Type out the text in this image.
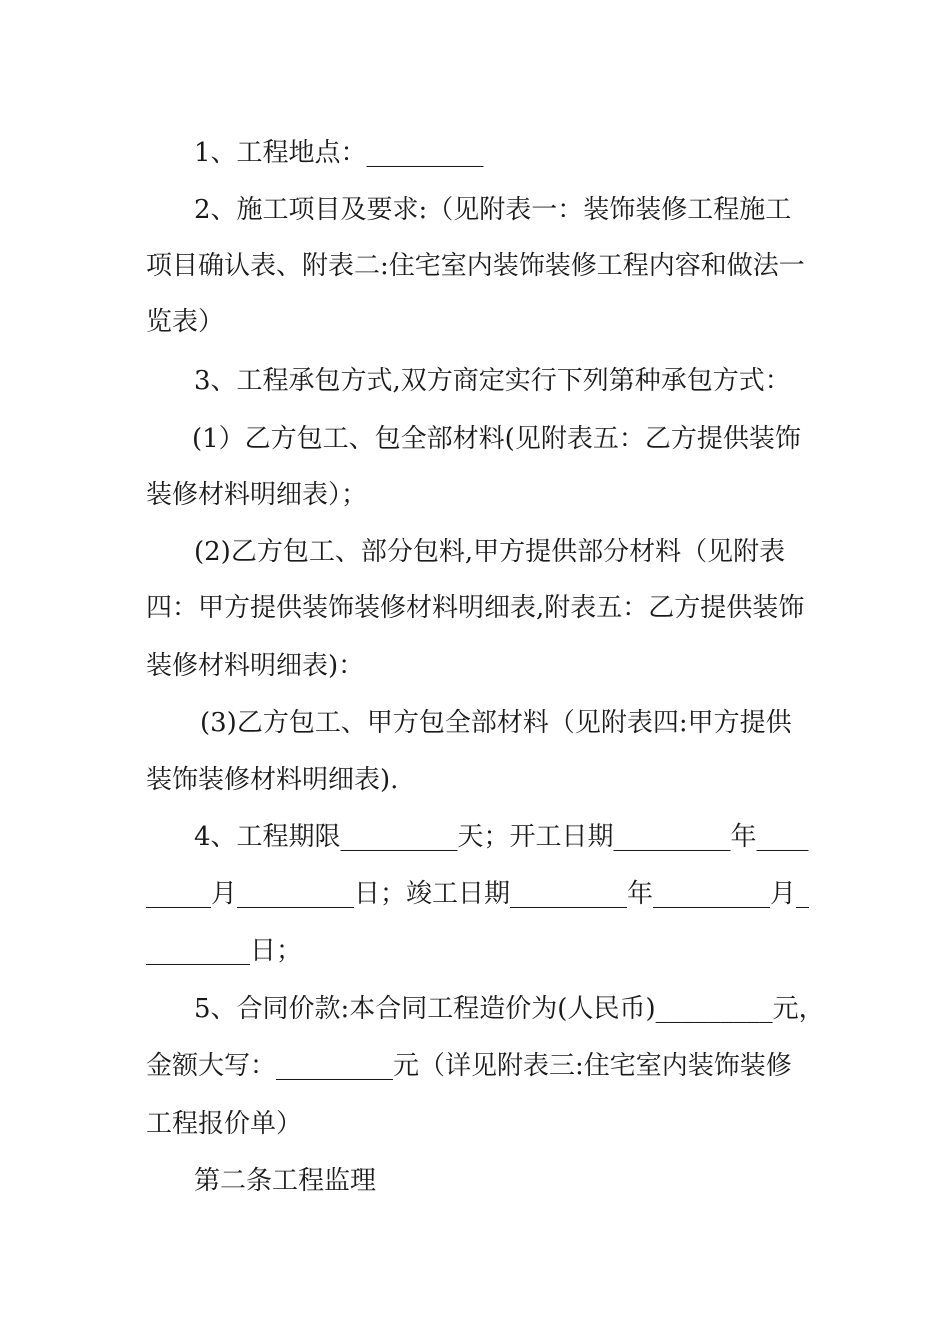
1、工程地点：_________
2、施工项目及要求:（见附表一：装饰装修工程施工
项目确认表、附表二:住宅室内装饰装修工程内容和做法一
览表）
3、工程承包方式,双方商定实行下列第种承包方式：
(1）乙方包工、包全部材料(见附表五：乙方提供装饰
装修材料明细表）；
(2)乙方包工、部分包料,甲方提供部分材料（见附表
四：甲方提供装饰装修材料明细表,附表五：乙方提供装饰
装修材料明细表)：
(3)乙方包工、甲方包全部材料（见附表四:甲方提供
装饰装修材料明细表).
4、工程期限_________天；开工日期_________年____
_____月_________日；竣工日期_________年_________月_
________日；
5、合同价款:本合同工程造价为(人民币)_________元，
金额大写：_________元（详见附表三:住宅室内装饰装修
工程报价单）
第二条工程监理
